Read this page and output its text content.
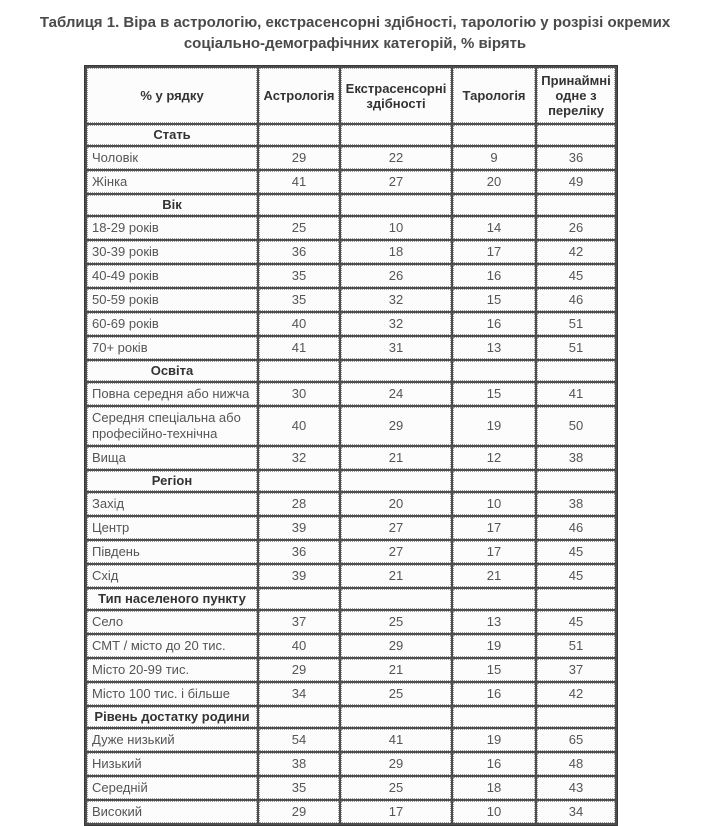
Таблиця 1. Віра в астрологію, екстрасенсорні здібності, тарологію у розрізі окремих соціально-демографічних категорій, % вірять
% у рядку	Астрологія	Екстрасенсорні здібності	Тарологія	Принаймні одне з переліку
Стать				
Чоловік	29	22	9	36
Жінка	41	27	20	49
Вік				
18-29 років	25	10	14	26
30-39 років	36	18	17	42
40-49 років	35	26	16	45
50-59 років	35	32	15	46
60-69 років	40	32	16	51
70+ років	41	31	13	51
Освіта				
Повна середня або нижча	30	24	15	41
Середня спеціальна або професійно-технічна	40	29	19	50
Вища	32	21	12	38
Регіон				
Захід	28	20	10	38
Центр	39	27	17	46
Південь	36	27	17	45
Схід	39	21	21	45
Тип населеного пункту				
Село	37	25	13	45
СМТ / місто до 20 тис.	40	29	19	51
Місто 20-99 тис.	29	21	15	37
Місто 100 тис. і більше	34	25	16	42
Рівень достатку родини				
Дуже низький	54	41	19	65
Низький	38	29	16	48
Середній	35	25	18	43
Високий	29	17	10	34
